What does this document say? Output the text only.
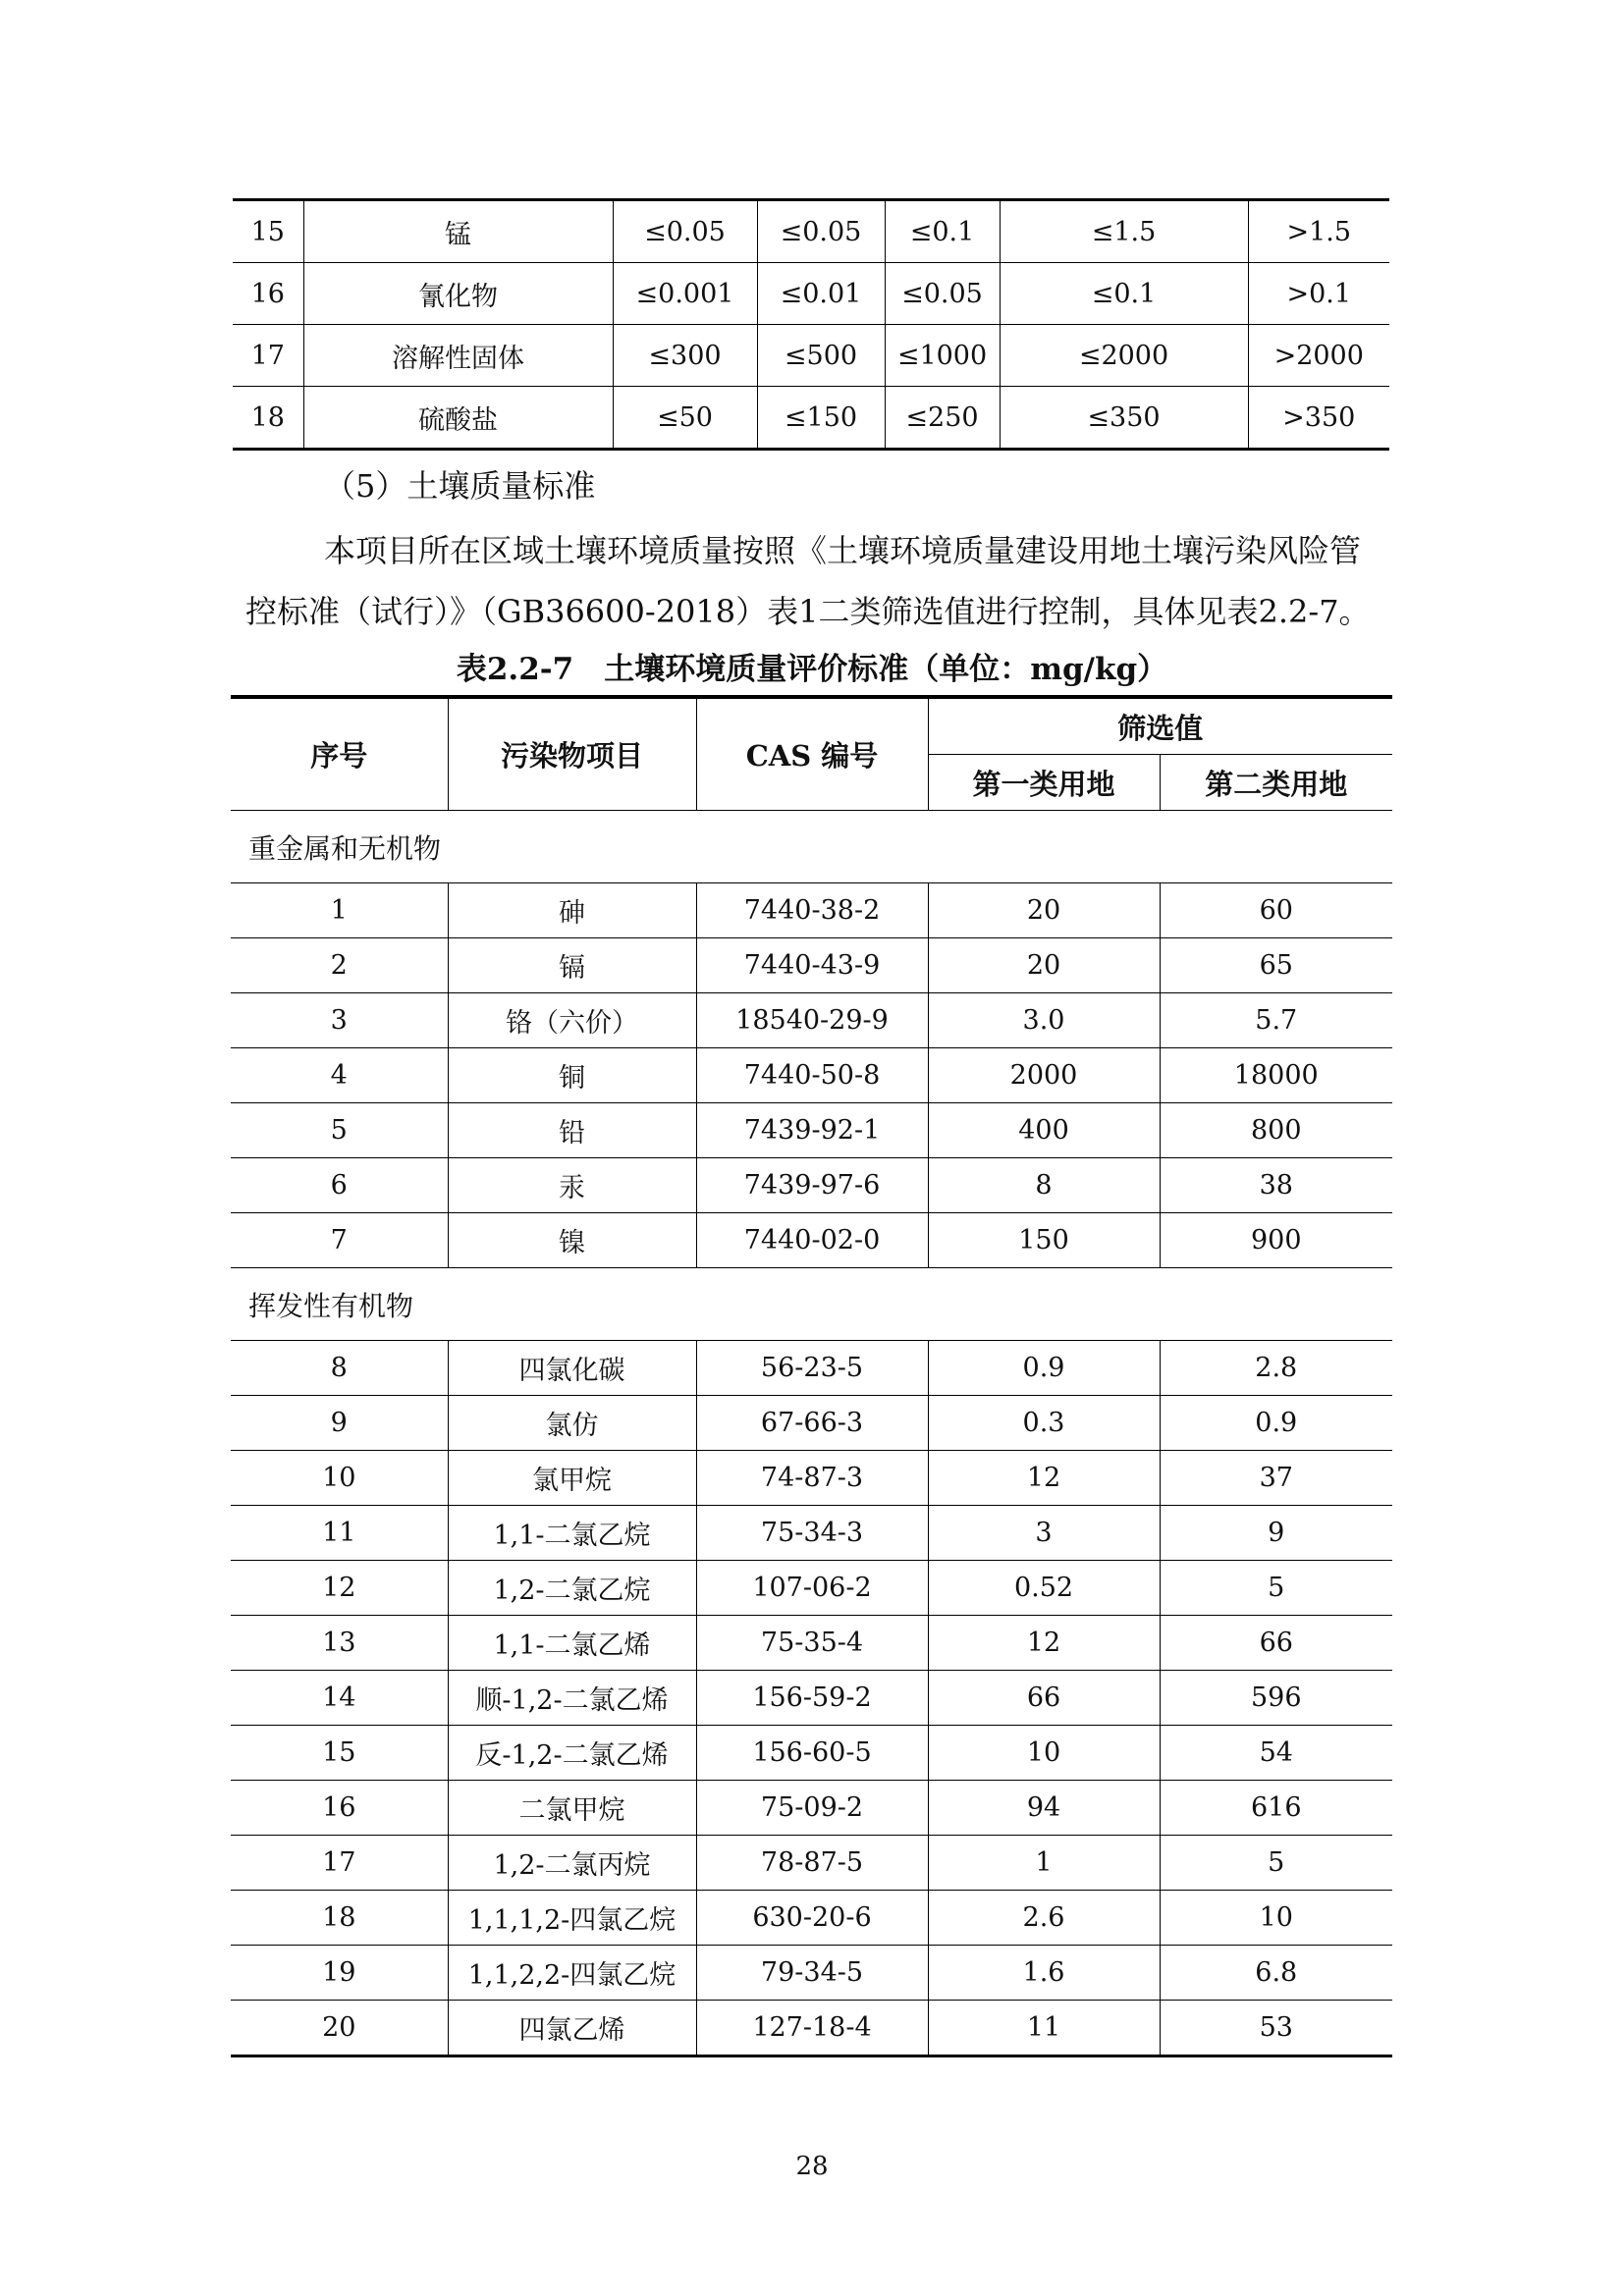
15	锰	≤0.05	≤0.05	≤0.1	≤1.5	>1.5
16	氰化物	≤0.001	≤0.01	≤0.05	≤0.1	>0.1
17	溶解性固体	≤300	≤500	≤1000	≤2000	>2000
18	硫酸盐	≤50	≤150	≤250	≤350	>350
（5）土壤质量标准
本项目所在区域土壤环境质量按照《土壤环境质量建设用地土壤污染风险管控标准（试行）》（GB36600-2018）表1二类筛选值进行控制，具体见表2.2-7。
表2.2-7　土壤环境质量评价标准（单位：mg/kg）
序号	污染物项目	CAS 编号	筛选值	
			第一类用地	第二类用地
重金属和无机物				
1	砷	7440-38-2	20	60
2	镉	7440-43-9	20	65
3	铬（六价）	18540-29-9	3.0	5.7
4	铜	7440-50-8	2000	18000
5	铅	7439-92-1	400	800
6	汞	7439-97-6	8	38
7	镍	7440-02-0	150	900
挥发性有机物				
8	四氯化碳	56-23-5	0.9	2.8
9	氯仿	67-66-3	0.3	0.9
10	氯甲烷	74-87-3	12	37
11	1,1-二氯乙烷	75-34-3	3	9
12	1,2-二氯乙烷	107-06-2	0.52	5
13	1,1-二氯乙烯	75-35-4	12	66
14	顺-1,2-二氯乙烯	156-59-2	66	596
15	反-1,2-二氯乙烯	156-60-5	10	54
16	二氯甲烷	75-09-2	94	616
17	1,2-二氯丙烷	78-87-5	1	5
18	1,1,1,2-四氯乙烷	630-20-6	2.6	10
19	1,1,2,2-四氯乙烷	79-34-5	1.6	6.8
20	四氯乙烯	127-18-4	11	53
28
